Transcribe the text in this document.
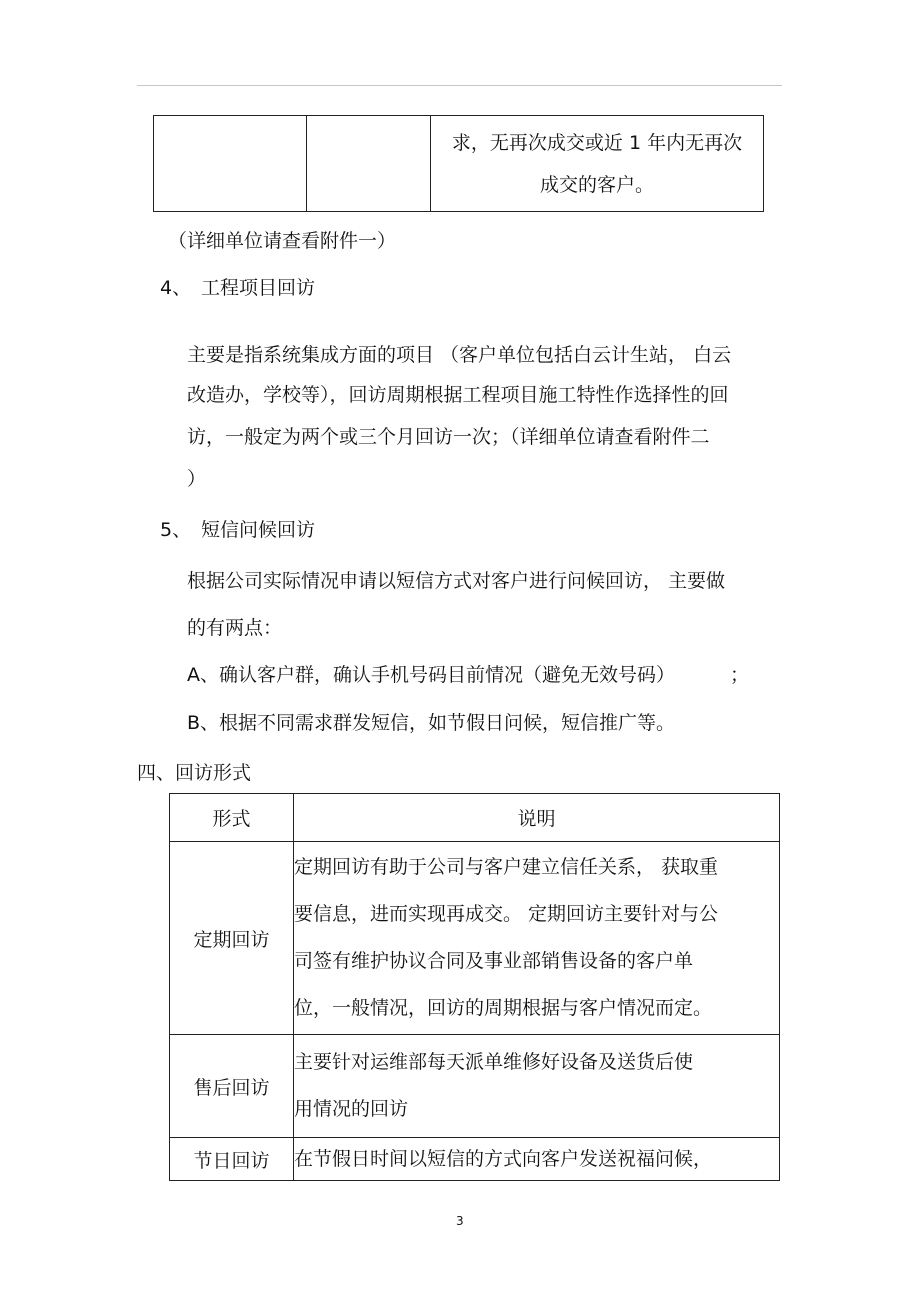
求，无再次成交或近 1 年内无再次
成交的客户。
（详细单位请查看附件一）
4、 工程项目回访
主要是指系统集成方面的项目 （客户单位包括白云计生站， 白云
改造办，学校等），回访周期根据工程项目施工特性作选择性的回
访，一般定为两个或三个月回访一次；（详细单位请查看附件二
）
5、 短信问候回访
根据公司实际情况申请以短信方式对客户进行问候回访， 主要做
的有两点：
A、确认客户群，确认手机号码目前情况（避免无效号码）	；
B、根据不同需求群发短信，如节假日问候，短信推广等。
四、回访形式
形式	说明
定期回访	定期回访有助于公司与客户建立信任关系， 获取重
要信息，进而实现再成交。 定期回访主要针对与公
司签有维护协议合同及事业部销售设备的客户单
位，一般情况，回访的周期根据与客户情况而定。

售后回访	主要针对运维部每天派单维修好设备及送货后使
用情况的回访

节日回访	在节假日时间以短信的方式向客户发送祝福问候，
3
